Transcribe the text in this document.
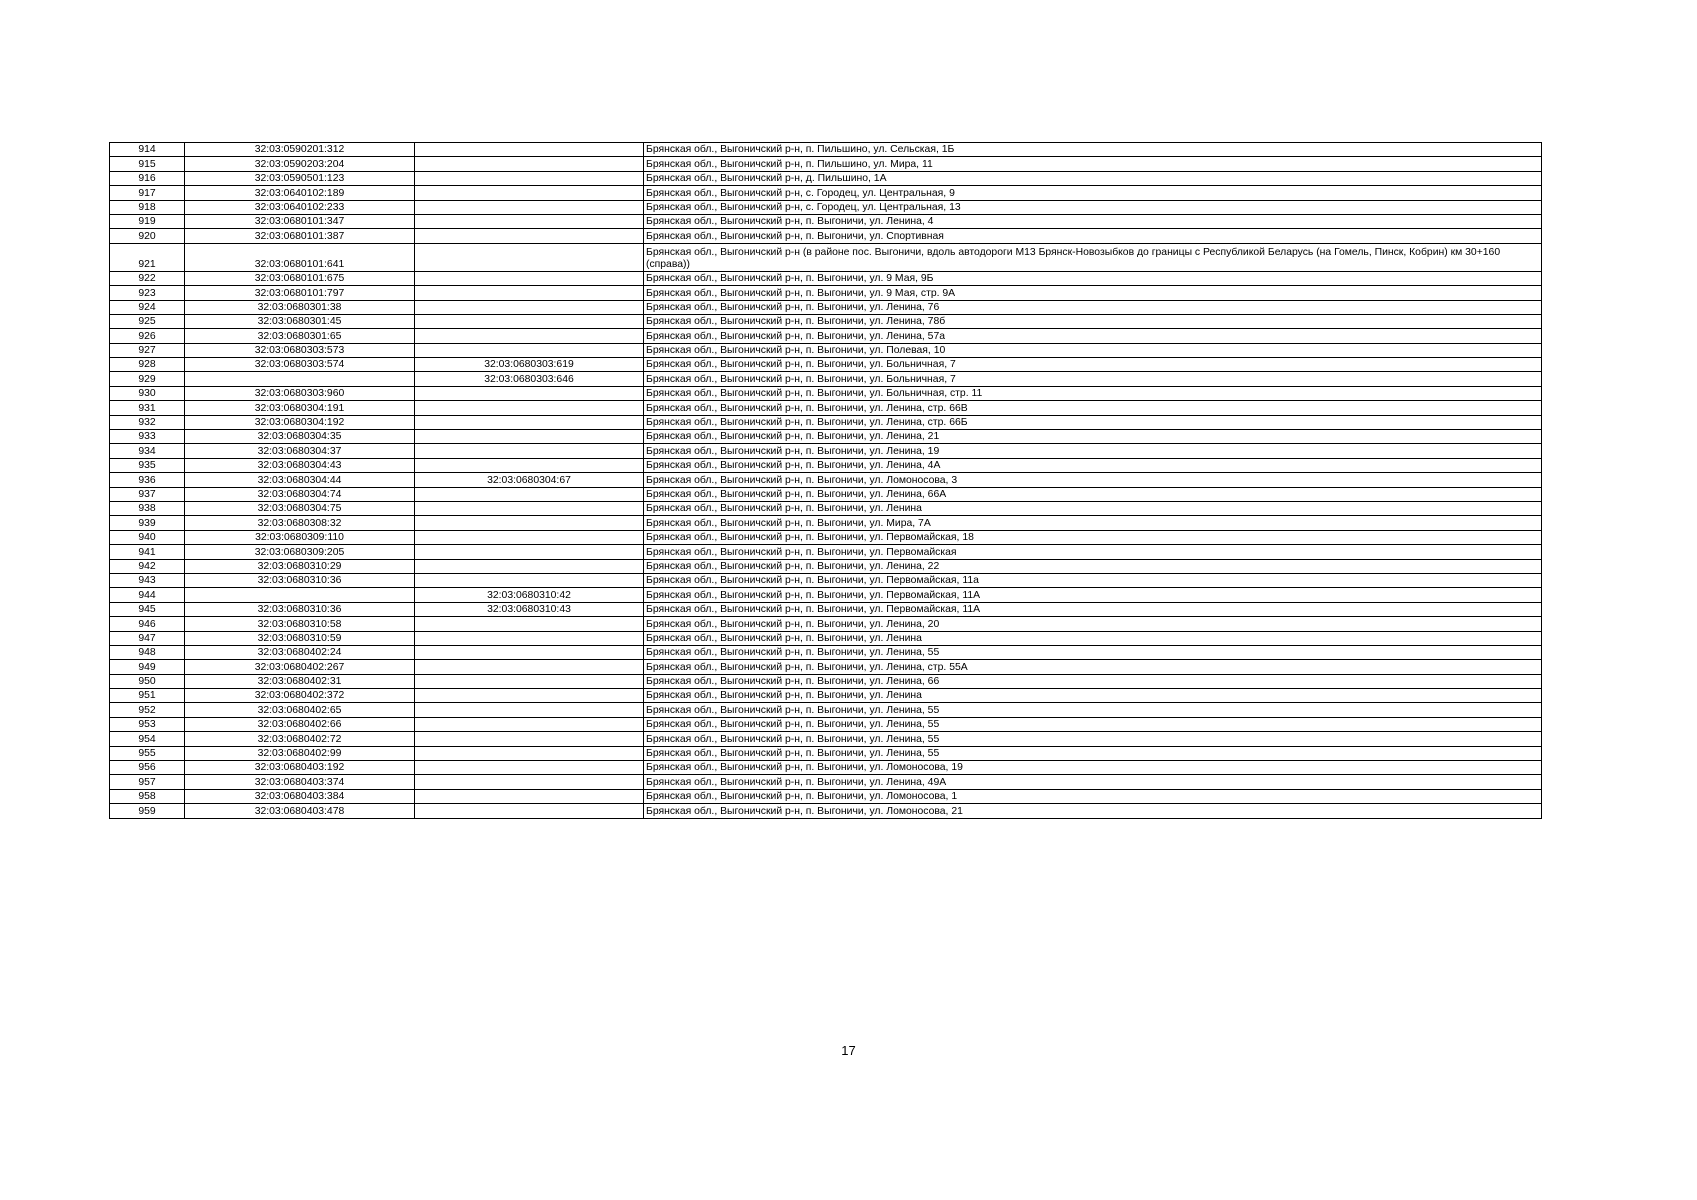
914	32:03:0590201:312		Брянская обл., Выгоничский р-н, п. Пильшино, ул. Сельская, 1Б
915	32:03:0590203:204		Брянская обл., Выгоничский р-н, п. Пильшино, ул. Мира, 11
916	32:03:0590501:123		Брянская обл., Выгоничский р-н, д. Пильшино, 1А
917	32:03:0640102:189		Брянская обл., Выгоничский р-н, с. Городец, ул. Центральная, 9
918	32:03:0640102:233		Брянская обл., Выгоничский р-н, с. Городец, ул. Центральная, 13
919	32:03:0680101:347		Брянская обл., Выгоничский р-н, п. Выгоничи, ул. Ленина, 4
920	32:03:0680101:387		Брянская обл., Выгоничский р-н, п. Выгоничи, ул. Спортивная
921	32:03:0680101:641		Брянская обл., Выгоничский р-н (в районе пос. Выгоничи, вдоль автодороги М13 Брянск-Новозыбков до границы с Республикой Беларусь (на Гомель, Пинск, Кобрин) км 30+160 (справа))
922	32:03:0680101:675		Брянская обл., Выгоничский р-н, п. Выгоничи, ул. 9 Мая, 9Б
923	32:03:0680101:797		Брянская обл., Выгоничский р-н, п. Выгоничи, ул. 9 Мая, стр. 9А
924	32:03:0680301:38		Брянская обл., Выгоничский р-н, п. Выгоничи, ул. Ленина, 76
925	32:03:0680301:45		Брянская обл., Выгоничский р-н, п. Выгоничи, ул. Ленина, 78б
926	32:03:0680301:65		Брянская обл., Выгоничский р-н, п. Выгоничи, ул. Ленина, 57а
927	32:03:0680303:573		Брянская обл., Выгоничский р-н, п. Выгоничи, ул. Полевая, 10
928	32:03:0680303:574	32:03:0680303:619	Брянская обл., Выгоничский р-н, п. Выгоничи, ул. Больничная, 7
929		32:03:0680303:646	Брянская обл., Выгоничский р-н, п. Выгоничи, ул. Больничная, 7
930	32:03:0680303:960		Брянская обл., Выгоничский р-н, п. Выгоничи, ул. Больничная, стр. 11
931	32:03:0680304:191		Брянская обл., Выгоничский р-н, п. Выгоничи, ул. Ленина, стр. 66В
932	32:03:0680304:192		Брянская обл., Выгоничский р-н, п. Выгоничи, ул. Ленина, стр. 66Б
933	32:03:0680304:35		Брянская обл., Выгоничский р-н, п. Выгоничи, ул. Ленина, 21
934	32:03:0680304:37		Брянская обл., Выгоничский р-н, п. Выгоничи, ул. Ленина, 19
935	32:03:0680304:43		Брянская обл., Выгоничский р-н, п. Выгоничи, ул. Ленина, 4А
936	32:03:0680304:44	32:03:0680304:67	Брянская обл., Выгоничский р-н, п. Выгоничи, ул. Ломоносова, 3
937	32:03:0680304:74		Брянская обл., Выгоничский р-н, п. Выгоничи, ул. Ленина, 66А
938	32:03:0680304:75		Брянская обл., Выгоничский р-н, п. Выгоничи, ул. Ленина
939	32:03:0680308:32		Брянская обл., Выгоничский р-н, п. Выгоничи, ул. Мира, 7А
940	32:03:0680309:110		Брянская обл., Выгоничский р-н, п. Выгоничи, ул. Первомайская, 18
941	32:03:0680309:205		Брянская обл., Выгоничский р-н, п. Выгоничи, ул. Первомайская
942	32:03:0680310:29		Брянская обл., Выгоничский р-н, п. Выгоничи, ул. Ленина, 22
943	32:03:0680310:36		Брянская обл., Выгоничский р-н, п. Выгоничи, ул. Первомайская, 11а
944		32:03:0680310:42	Брянская обл., Выгоничский р-н, п. Выгоничи, ул. Первомайская, 11А
945	32:03:0680310:36	32:03:0680310:43	Брянская обл., Выгоничский р-н, п. Выгоничи, ул. Первомайская, 11А
946	32:03:0680310:58		Брянская обл., Выгоничский р-н, п. Выгоничи, ул. Ленина, 20
947	32:03:0680310:59		Брянская обл., Выгоничский р-н, п. Выгоничи, ул. Ленина
948	32:03:0680402:24		Брянская обл., Выгоничский р-н, п. Выгоничи, ул. Ленина, 55
949	32:03:0680402:267		Брянская обл., Выгоничский р-н, п. Выгоничи, ул. Ленина, стр. 55А
950	32:03:0680402:31		Брянская обл., Выгоничский р-н, п. Выгоничи, ул. Ленина, 66
951	32:03:0680402:372		Брянская обл., Выгоничский р-н, п. Выгоничи, ул. Ленина
952	32:03:0680402:65		Брянская обл., Выгоничский р-н, п. Выгоничи, ул. Ленина, 55
953	32:03:0680402:66		Брянская обл., Выгоничский р-н, п. Выгоничи, ул. Ленина, 55
954	32:03:0680402:72		Брянская обл., Выгоничский р-н, п. Выгоничи, ул. Ленина, 55
955	32:03:0680402:99		Брянская обл., Выгоничский р-н, п. Выгоничи, ул. Ленина, 55
956	32:03:0680403:192		Брянская обл., Выгоничский р-н, п. Выгоничи, ул. Ломоносова, 19
957	32:03:0680403:374		Брянская обл., Выгоничский р-н, п. Выгоничи, ул. Ленина, 49А
958	32:03:0680403:384		Брянская обл., Выгоничский р-н, п. Выгоничи, ул. Ломоносова, 1
959	32:03:0680403:478		Брянская обл., Выгоничский р-н, п. Выгоничи, ул. Ломоносова, 21
17
